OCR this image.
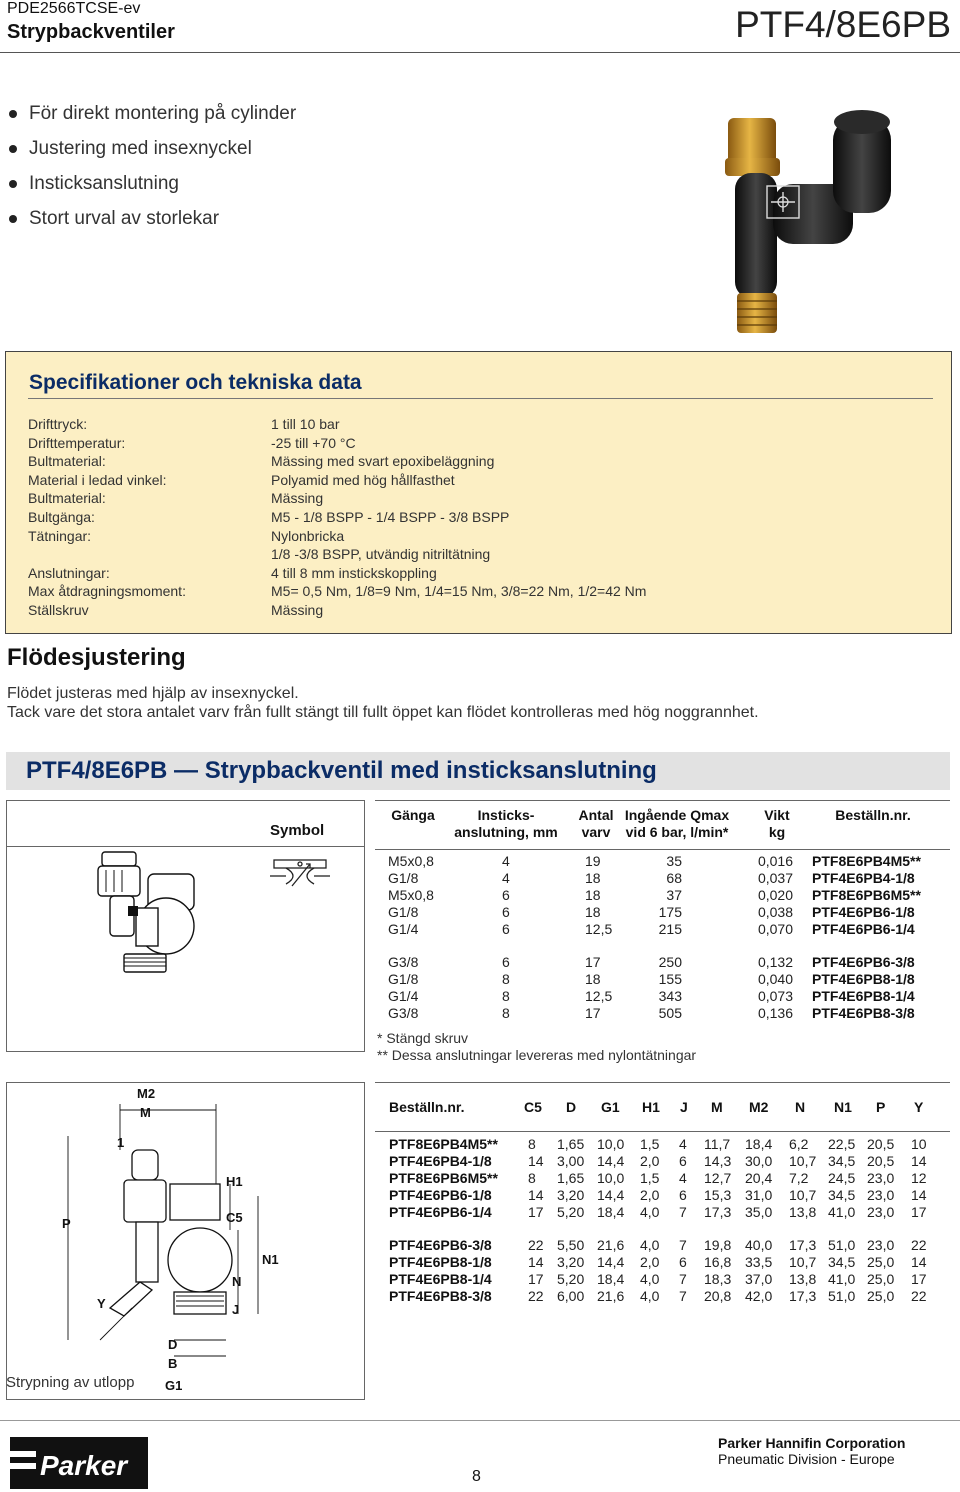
PDE2566TCSE-ev
Strypbackventiler	PTF4/8E6PB
För direkt montering på cylinder
Justering med insexnyckel
Insticksanslutning
Stort urval av storlekar
Specifikationer och tekniska data
Drifttryck:	1 till 10 bar
Drifttemperatur:	-25 till +70 °C
Bultmaterial:	Mässing med svart epoxibeläggning
Material i ledad vinkel:	Polyamid med hög hållfasthet
Bultmaterial:	Mässing
Bultgänga:	M5 - 1/8 BSPP - 1/4 BSPP - 3/8 BSPP
Tätningar:	Nylonbricka
1/8 -3/8 BSPP, utvändig nitriltätning
Anslutningar:	4 till 8 mm instickskoppling
Max åtdragningsmoment:	M5= 0,5 Nm, 1/8=9 Nm, 1/4=15 Nm, 3/8=22 Nm, 1/2=42 Nm
Ställskruv	Mässing
Flödesjustering
Flödet justeras med hjälp av insexnyckel.
Tack vare det stora antalet varv från fullt stängt till fullt öppet kan flödet kontrolleras med hög noggrannhet.
PTF4/8E6PB — Strypbackventil med insticksanslutning
Symbol
Gänga	Insticks-
anslutning, mm
Antal
varv
Ingående Qmax
vid 6 bar, l/min*
Vikt
kg
Beställn.nr.
M5x0,8	4	19	35	0,016 PTF8E6PB4M5**
G1/8	4	18	68	0,037 PTF4E6PB4-1/8
M5x0,8	6	18	37	0,020 PTF8E6PB6M5**
G1/8	6	18	175	0,038 PTF4E6PB6-1/8
G1/4	6	12,5	215	0,070 PTF4E6PB6-1/4
G3/8	6	17	250	0,132 PTF4E6PB6-3/8
G1/8	8	18	155	0,040 PTF4E6PB8-1/8
G1/4	8	12,5	343	0,073 PTF4E6PB8-1/4
G3/8	8	17	505	0,136 PTF4E6PB8-3/8
* Stängd skruv
** Dessa anslutningar levereras med nylontätningar
M2
M
1
H1
C5
P
N
N1
Y	J
D
B
G1
Strypning av utlopp
Beställn.nr.	C5 D G1 H1 J M M2 N N1 P Y
PTF8E6PB4M5** 8 1,65 10,0 1,5 4 11,7 18,4 6,2 22,5 20,5 10
PTF4E6PB4-1/8	14 3,00 14,4 2,0 6 14,3 30,0 10,7 34,5 20,5 14
PTF8E6PB6M5** 8 1,65 10,0 1,5 4 12,7 20,4 7,2 24,5 23,0 12
PTF4E6PB6-1/8	14 3,20 14,4 2,0 6 15,3 31,0 10,7 34,5 23,0 14
PTF4E6PB6-1/4	17 5,20 18,4 4,0 7 17,3 35,0 13,8 41,0 23,0 17
PTF4E6PB6-3/8	22 5,50 21,6 4,0 7 19,8 40,0 17,3 51,0 23,0 22
PTF4E6PB8-1/8	14 3,20 14,4 2,0 6 16,8 33,5 10,7 34,5 25,0 14
PTF4E6PB8-1/4	17 5,20 18,4 4,0 7 18,3 37,0 13,8 41,0 25,0 17
PTF4E6PB8-3/8	22 6,00 21,6 4,0 7 20,8 42,0 17,3 51,0 25,0 22
Parker	8
Parker Hannifin Corporation
Pneumatic Division - Europe
